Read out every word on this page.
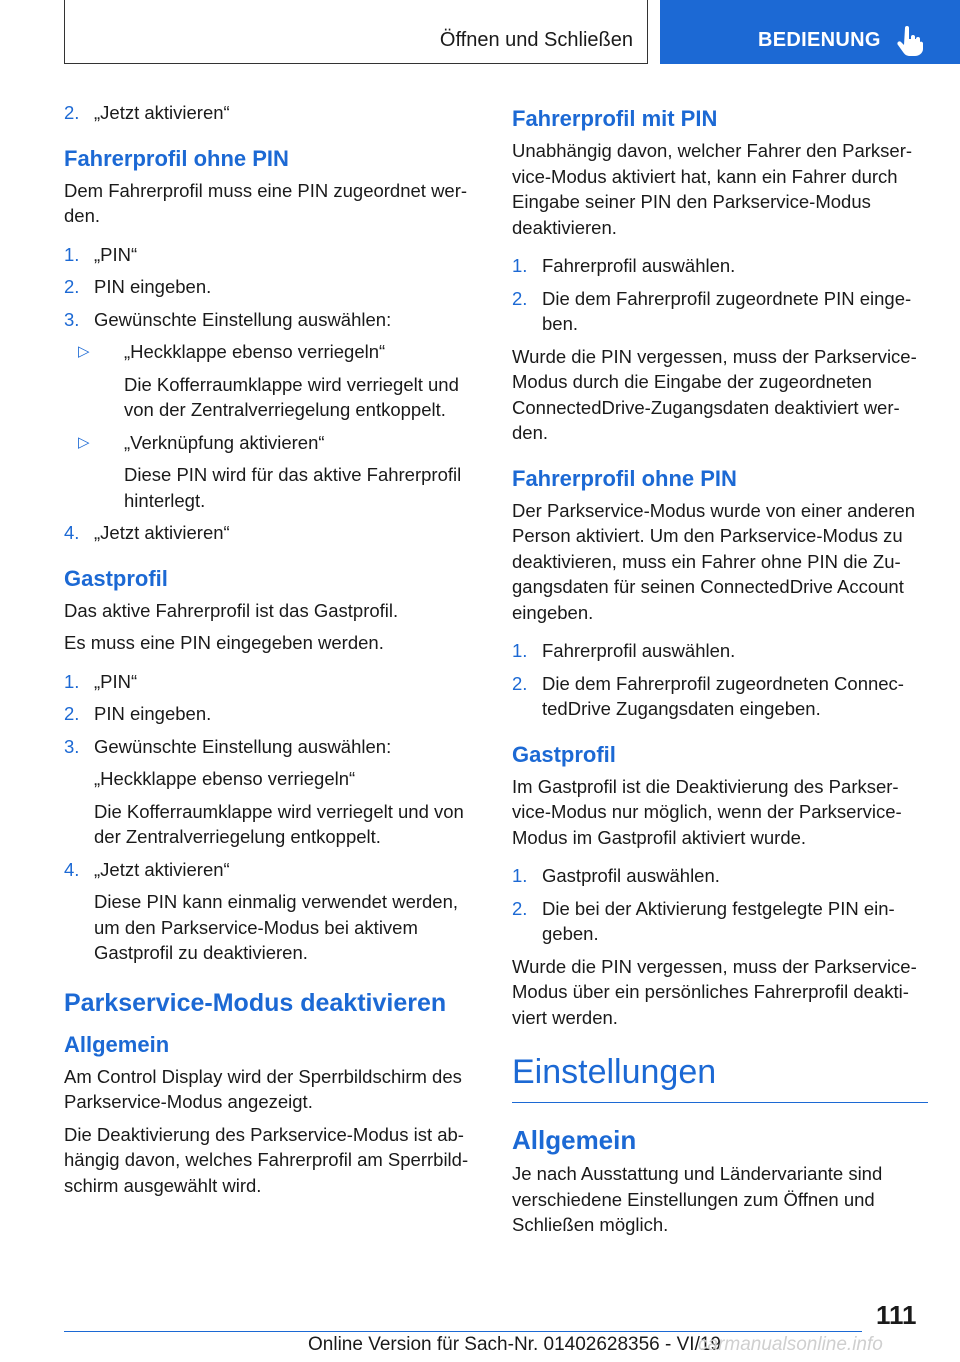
Öffnen und Schließen	BEDIENUNG
2. „Jetzt aktivieren“
Fahrerprofil ohne PIN

Dem Fahrerprofil muss eine PIN zugeordnet wer-den.

1. „PIN“
2. PIN eingeben.
3. Gewünschte Einstellung auswählen:
▷ „Heckklappe ebenso verriegeln“

Die Kofferraumklappe wird verriegelt und von der Zentralverriegelung entkoppelt.

▷ „Verknüpfung aktivieren“

Diese PIN wird für das aktive Fahrerprofil hinterlegt.

4. „Jetzt aktivieren“
Gastprofil

Das aktive Fahrerprofil ist das Gastprofil.

Es muss eine PIN eingegeben werden.

1. „PIN“
2. PIN eingeben.
3. Gewünschte Einstellung auswählen:

„Heckklappe ebenso verriegeln“

Die Kofferraumklappe wird verriegelt und von der Zentralverriegelung entkoppelt.

4. „Jetzt aktivieren“

Diese PIN kann einmalig verwendet werden, um den Parkservice-Modus bei aktivem Gastprofil zu deaktivieren.

Parkservice-Modus deaktivieren
Allgemein

Am Control Display wird der Sperrbildschirm des Parkservice-Modus angezeigt.

Die Deaktivierung des Parkservice-Modus ist ab-hängig davon, welches Fahrerprofil am Sperrbild-schirm ausgewählt wird.

Fahrerprofil mit PIN

Unabhängig davon, welcher Fahrer den Parkser-vice-Modus aktiviert hat, kann ein Fahrer durch Eingabe seiner PIN den Parkservice-Modus deaktivieren.

1. Fahrerprofil auswählen.
2. Die dem Fahrerprofil zugeordnete PIN einge-ben.

Wurde die PIN vergessen, muss der Parkservice-Modus durch die Eingabe der zugeordneten ConnectedDrive-Zugangsdaten deaktiviert wer-den.

Fahrerprofil ohne PIN

Der Parkservice-Modus wurde von einer anderen Person aktiviert. Um den Parkservice-Modus zu deaktivieren, muss ein Fahrer ohne PIN die Zu-gangsdaten für seinen ConnectedDrive Account eingeben.

1. Fahrerprofil auswählen.
2. Die dem Fahrerprofil zugeordneten Connec-tedDrive Zugangsdaten eingeben.
Gastprofil

Im Gastprofil ist die Deaktivierung des Parkser-vice-Modus nur möglich, wenn der Parkservice-Modus im Gastprofil aktiviert wurde.

1. Gastprofil auswählen.
2. Die bei der Aktivierung festgelegte PIN ein-geben.

Wurde die PIN vergessen, muss der Parkservice-Modus über ein persönliches Fahrerprofil deakti-viert werden.

Einstellungen
Allgemein

Je nach Ausstattung und Ländervariante sind verschiedene Einstellungen zum Öffnen und Schließen möglich.

111
Online Version für Sach-Nr. 01402628356 - VI/19
carmanualsonline.info
